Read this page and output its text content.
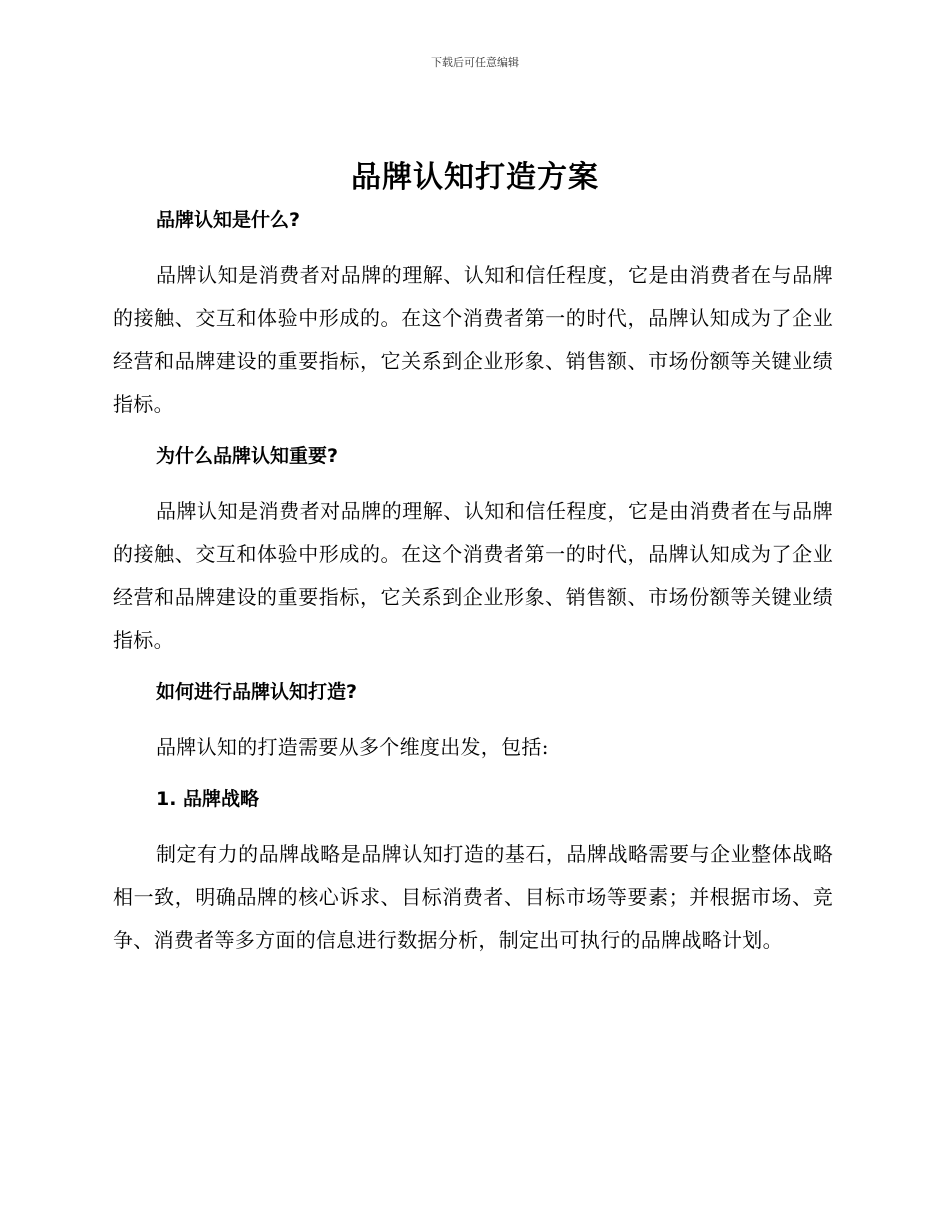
下载后可任意编辑
品牌认知打造方案
品牌认知是什么?

品牌认知是消费者对品牌的理解、认知和信任程度，它是由消费者在与品牌的接触、交互和体验中形成的。在这个消费者第一的时代，品牌认知成为了企业经营和品牌建设的重要指标，它关系到企业形象、销售额、市场份额等关键业绩指标。

为什么品牌认知重要?

品牌认知是消费者对品牌的理解、认知和信任程度，它是由消费者在与品牌的接触、交互和体验中形成的。在这个消费者第一的时代，品牌认知成为了企业经营和品牌建设的重要指标，它关系到企业形象、销售额、市场份额等关键业绩指标。

如何进行品牌认知打造?

品牌认知的打造需要从多个维度出发，包括:

1. 品牌战略

制定有力的品牌战略是品牌认知打造的基石，品牌战略需要与企业整体战略相一致，明确品牌的核心诉求、目标消费者、目标市场等要素；并根据市场、竞争、消费者等多方面的信息进行数据分析，制定出可执行的品牌战略计划。
